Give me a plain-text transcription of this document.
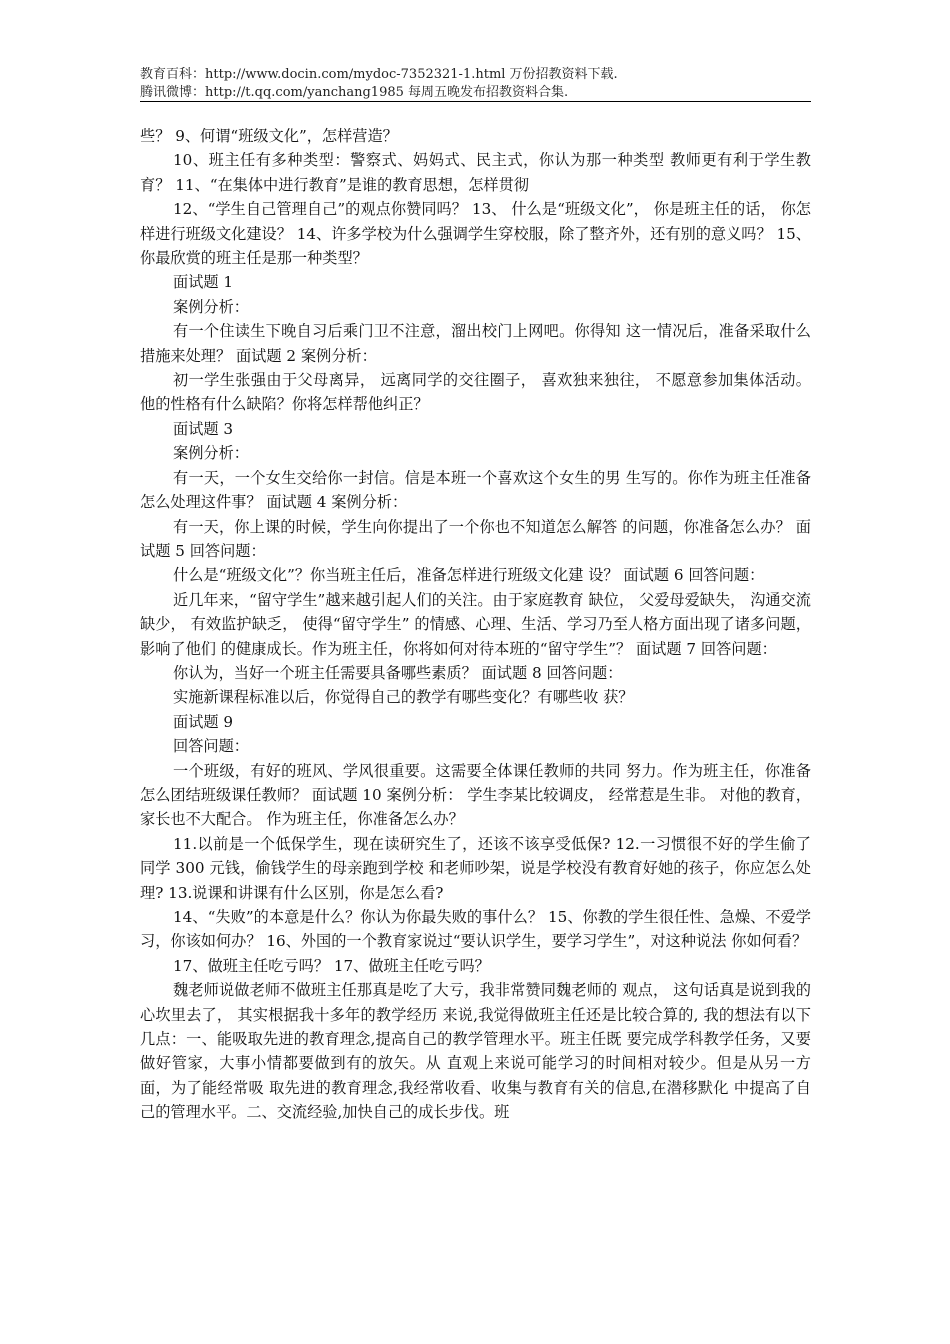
教育百科：http://www.docin.com/mydoc-7352321-1.html 万份招教资料下载.
腾讯微博：http://t.qq.com/yanchang1985 每周五晚发布招教资料合集.

些？ 9、何谓“班级文化”，怎样营造？

10、班主任有多种类型：警察式、妈妈式、民主式，你认为那一种类型 教师更有利于学生教育？ 11、“在集体中进行教育”是谁的教育思想，怎样贯彻

12、“学生自己管理自己”的观点你赞同吗？ 13、 什么是“班级文化”， 你是班主任的话， 你怎样进行班级文化建设？ 14、许多学校为什么强调学生穿校服，除了整齐外，还有别的意义吗？ 15、你最欣赏的班主任是那一种类型？

面试题 1

案例分析：

有一个住读生下晚自习后乘门卫不注意，溜出校门上网吧。你得知 这一情况后，准备采取什么措施来处理？ 面试题 2 案例分析：

初一学生张强由于父母离异， 远离同学的交往圈子， 喜欢独来独往， 不愿意参加集体活动。 他的性格有什么缺陷？你将怎样帮他纠正？

面试题 3

案例分析：

有一天，一个女生交给你一封信。信是本班一个喜欢这个女生的男 生写的。你作为班主任准备怎么处理这件事？ 面试题 4 案例分析：

有一天，你上课的时候，学生向你提出了一个你也不知道怎么解答 的问题，你准备怎么办？ 面试题 5 回答问题：

什么是“班级文化”？你当班主任后，准备怎样进行班级文化建 设？ 面试题 6 回答问题：

近几年来，“留守学生”越来越引起人们的关注。由于家庭教育 缺位， 父爱母爱缺失， 沟通交流缺少， 有效监护缺乏， 使得“留守学生” 的情感、心理、生活、学习乃至人格方面出现了诸多问题，影响了他们 的健康成长。作为班主任，你将如何对待本班的“留守学生”？ 面试题 7 回答问题：

你认为，当好一个班主任需要具备哪些素质？ 面试题 8 回答问题：

实施新课程标准以后，你觉得自己的教学有哪些变化？有哪些收 获？

面试题 9

回答问题：

一个班级，有好的班风、学风很重要。这需要全体课任教师的共同 努力。作为班主任，你准备怎么团结班级课任教师？ 面试题 10 案例分析： 学生李某比较调皮， 经常惹是生非。 对他的教育， 家长也不大配合。 作为班主任，你准备怎么办？

11.以前是一个低保学生，现在读研究生了，还该不该享受低保? 12.一习惯很不好的学生偷了同学 300 元钱，偷钱学生的母亲跑到学校 和老师吵架，说是学校没有教育好她的孩子，你应怎么处理? 13.说课和讲课有什么区别，你是怎么看?

14、“失败”的本意是什么？你认为你最失败的事什么？ 15、你教的学生很任性、急燥、不爱学习，你该如何办？ 16、外国的一个教育家说过“要认识学生，要学习学生”，对这种说法 你如何看？

17、做班主任吃亏吗？ 17、做班主任吃亏吗？

魏老师说做老师不做班主任那真是吃了大亏，我非常赞同魏老师的 观点， 这句话真是说到我的心坎里去了， 其实根据我十多年的教学经历 来说,我觉得做班主任还是比较合算的, 我的想法有以下几点：一、能吸取先进的教育理念,提高自己的教学管理水平。班主任既 要完成学科教学任务，又要做好管家，大事小情都要做到有的放矢。从 直观上来说可能学习的时间相对较少。但是从另一方面，为了能经常吸 取先进的教育理念,我经常收看、收集与教育有关的信息,在潜移默化 中提高了自己的管理水平。二、交流经验,加快自己的成长步伐。班
